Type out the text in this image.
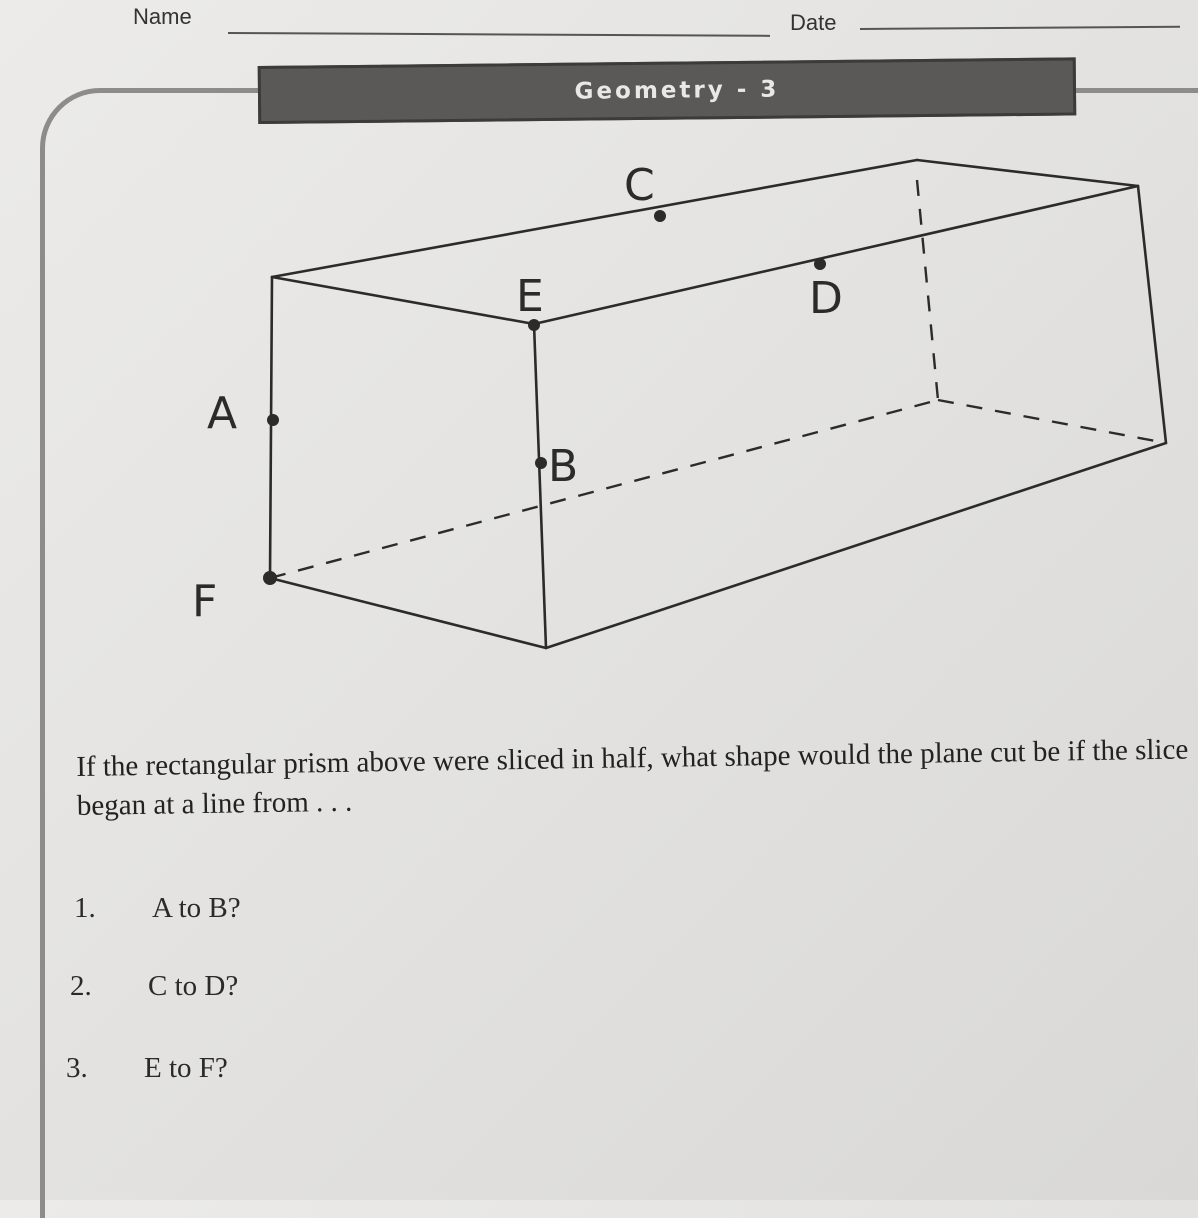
Name	Date
Geometry - 3
A
B
C
D
E
F
If the rectangular prism above were sliced in half, what shape would the plane cut be if the slice began at a line from . . .
1. A to B?
2. C to D?
3. E to F?
